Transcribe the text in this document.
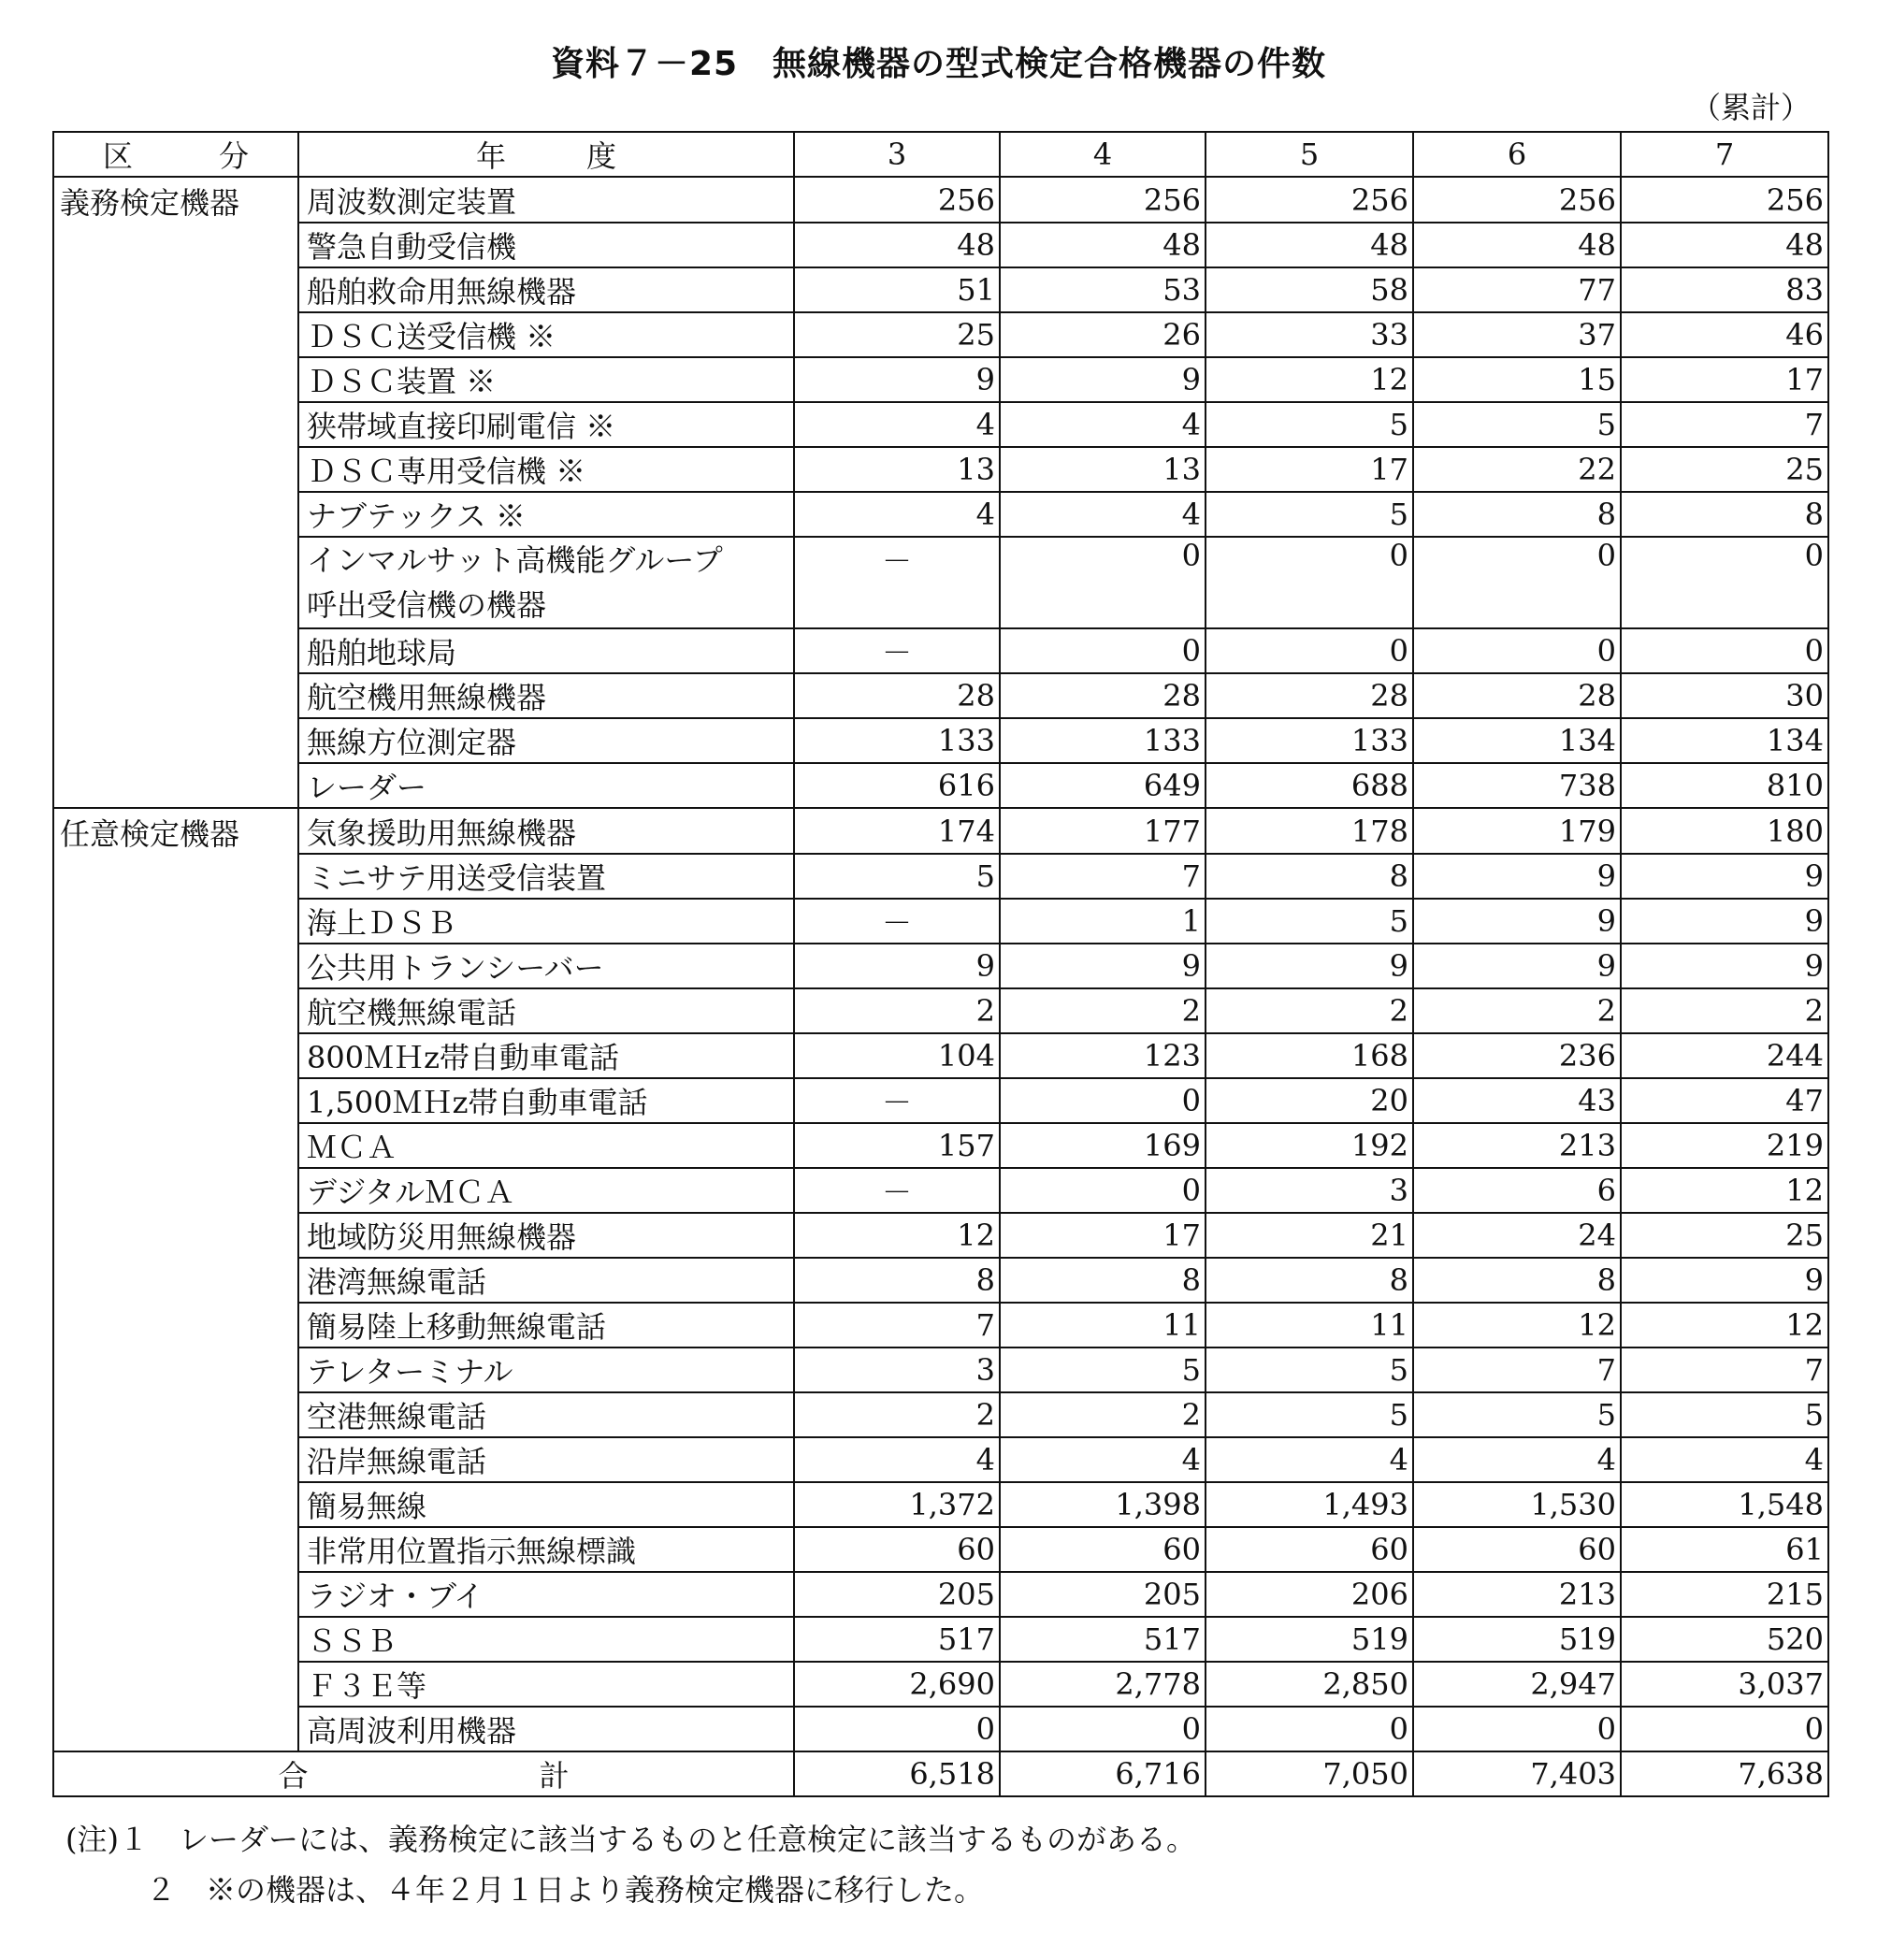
資料７－25　無線機器の型式検定合格機器の件数
（累計）
区 分	年 度	3	4	5	6	7
義務検定機器	周波数測定装置	256	256	256	256	256
	警急自動受信機	48	48	48	48	48
	船舶救命用無線機器	51	53	58	77	83
	ＤＳＣ送受信機 ※	25	26	33	37	46
	ＤＳＣ装置 ※	9	9	12	15	17
	狭帯域直接印刷電信 ※	4	4	5	5	7
	ＤＳＣ専用受信機 ※	13	13	17	22	25
	ナブテックス ※	4	4	5	8	8

	インマルサット高機能グループ
呼出受信機の機器	－	0	0	0	0
	船舶地球局	－	0	0	0	0
	航空機用無線機器	28	28	28	28	30
	無線方位測定器	133	133	133	134	134
	レーダー	616	649	688	738	810
任意検定機器	気象援助用無線機器	174	177	178	179	180
	ミニサテ用送受信装置	5	7	8	9	9
	海上ＤＳＢ	－	1	5	9	9
	公共用トランシーバー	9	9	9	9	9
	航空機無線電話	2	2	2	2	2
	800ＭＨz帯自動車電話	104	123	168	236	244
	1,500ＭＨz帯自動車電話	－	0	20	43	47
	ＭＣＡ	157	169	192	213	219
	デジタルＭＣＡ	－	0	3	6	12
	地域防災用無線機器	12	17	21	24	25
	港湾無線電話	8	8	8	8	9
	簡易陸上移動無線電話	7	11	11	12	12
	テレターミナル	3	5	5	7	7
	空港無線電話	2	2	5	5	5
	沿岸無線電話	4	4	4	4	4
	簡易無線	1,372	1,398	1,493	1,530	1,548
	非常用位置指示無線標識	60	60	60	60	61
	ラジオ・ブイ	205	205	206	213	215
	ＳＳＢ	517	517	519	519	520
	Ｆ３Ｅ等	2,690	2,778	2,850	2,947	3,037
	高周波利用機器	0	0	0	0	0

合 計		6,518	6,716	7,050	7,403	7,638
(注)１　レーダーには、義務検定に該当するものと任意検定に該当するものがある。
２　※の機器は、４年２月１日より義務検定機器に移行した。
